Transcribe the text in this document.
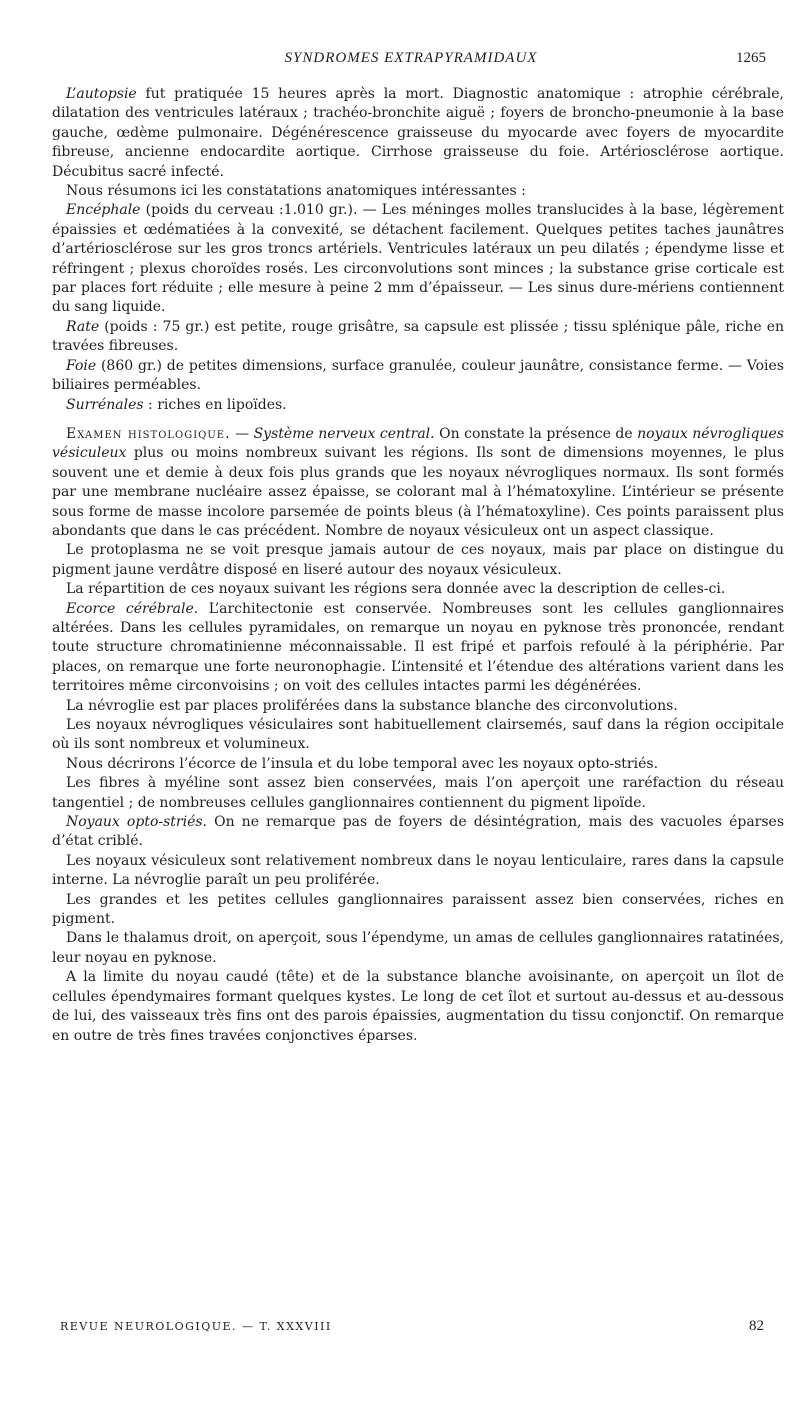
SYNDROMES EXTRAPYRAMIDAUX	1265

L’autopsie fut pratiquée 15 heures après la mort. Diagnostic anatomique : atrophie cérébrale, dilatation des ventricules latéraux ; trachéo-bronchite aiguë ; foyers de broncho-pneumonie à la base gauche, œdème pulmonaire. Dégénérescence graisseuse du myocarde avec foyers de myocardite fibreuse, ancienne endocardite aortique. Cirrhose graisseuse du foie. Artériosclérose aortique. Décubitus sacré infecté.

Nous résumons ici les constatations anatomiques intéressantes :

Encéphale (poids du cerveau :1.010 gr.). — Les méninges molles translucides à la base, légèrement épaissies et œdématiées à la convexité, se détachent facilement. Quelques petites taches jaunâtres d’artériosclérose sur les gros troncs artériels. Ventricules latéraux un peu dilatés ; épendyme lisse et réfringent ; plexus choroïdes rosés. Les circonvolutions sont minces ; la substance grise corticale est par places fort réduite ; elle mesure à peine 2 mm d’épaisseur. — Les sinus dure-mériens contiennent du sang liquide.

Rate (poids : 75 gr.) est petite, rouge grisâtre, sa capsule est plissée ; tissu splénique pâle, riche en travées fibreuses.

Foie (860 gr.) de petites dimensions, surface granulée, couleur jaunâtre, consistance ferme. — Voies biliaires perméables.

Surrénales : riches en lipoïdes.

Examen histologique. — Système nerveux central. On constate la présence de noyaux névrogliques vésiculeux plus ou moins nombreux suivant les régions. Ils sont de dimensions moyennes, le plus souvent une et demie à deux fois plus grands que les noyaux névrogliques normaux. Ils sont formés par une membrane nucléaire assez épaisse, se colorant mal à l’hématoxyline. L’intérieur se présente sous forme de masse incolore parsemée de points bleus (à l’hématoxyline). Ces points paraissent plus abondants que dans le cas précédent. Nombre de noyaux vésiculeux ont un aspect classique.

Le protoplasma ne se voit presque jamais autour de ces noyaux, mais par place on distingue du pigment jaune verdâtre disposé en liseré autour des noyaux vésiculeux.

La répartition de ces noyaux suivant les régions sera donnée avec la description de celles-ci.

Ecorce cérébrale. L’architectonie est conservée. Nombreuses sont les cellules ganglionnaires altérées. Dans les cellules pyramidales, on remarque un noyau en pyknose très prononcée, rendant toute structure chromatinienne méconnaissable. Il est fripé et parfois refoulé à la périphérie. Par places, on remarque une forte neuronophagie. L’intensité et l’étendue des altérations varient dans les territoires même circonvoisins ; on voit des cellules intactes parmi les dégénérées.

La névroglie est par places proliférées dans la substance blanche des circonvolutions.

Les noyaux névrogliques vésiculaires sont habituellement clairsemés, sauf dans la région occipitale où ils sont nombreux et volumineux.

Nous décrirons l’écorce de l’insula et du lobe temporal avec les noyaux opto-striés.

Les fibres à myéline sont assez bien conservées, mais l’on aperçoit une raréfaction du réseau tangentiel ; de nombreuses cellules ganglionnaires contiennent du pigment lipoïde.

Noyaux opto-striés. On ne remarque pas de foyers de désintégration, mais des vacuoles éparses d’état criblé.

Les noyaux vésiculeux sont relativement nombreux dans le noyau lenticulaire, rares dans la capsule interne. La névroglie paraît un peu proliférée.

Les grandes et les petites cellules ganglionnaires paraissent assez bien conservées, riches en pigment.

Dans le thalamus droit, on aperçoit, sous l’épendyme, un amas de cellules ganglionnaires ratatinées, leur noyau en pyknose.

A la limite du noyau caudé (tête) et de la substance blanche avoisinante, on aperçoit un îlot de cellules épendymaires formant quelques kystes. Le long de cet îlot et surtout au-dessus et au-dessous de lui, des vaisseaux très fins ont des parois épaissies, augmentation du tissu conjonctif. On remarque en outre de très fines travées conjonctives éparses.

REVUE NEUROLOGIQUE. — T. XXXVIII	82
